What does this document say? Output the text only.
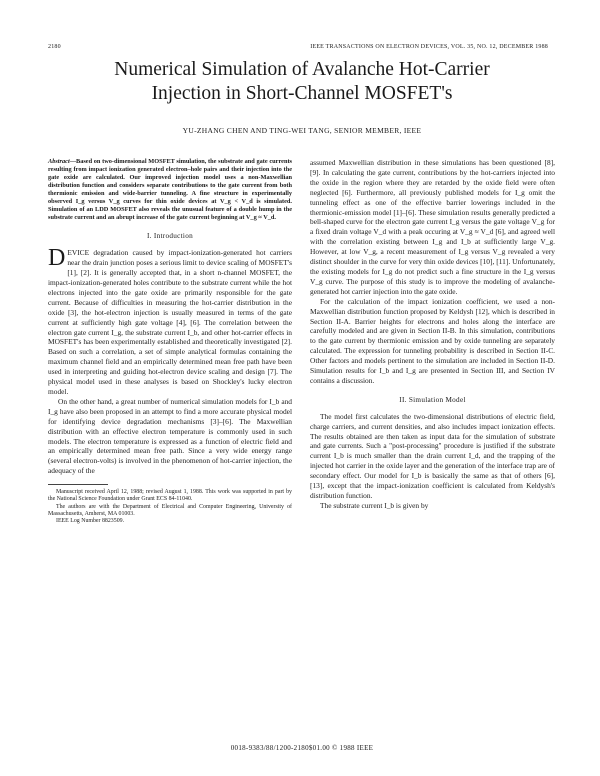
2180	IEEE TRANSACTIONS ON ELECTRON DEVICES, VOL. 35, NO. 12, DECEMBER 1988
Numerical Simulation of Avalanche Hot-Carrier
Injection in Short-Channel MOSFET's
YU-ZHANG CHEN AND TING-WEI TANG, SENIOR MEMBER, IEEE
Abstract—Based on two-dimensional MOSFET simulation, the substrate and gate currents resulting from impact ionization generated electron–hole pairs and their injection into the gate oxide are calculated. Our improved injection model uses a non-Maxwellian distribution function and considers separate contributions to the gate current from both thermionic emission and wide-barrier tunneling. A fine structure in experimentally observed I_g versus V_g curves for thin oxide devices at V_g < V_d is simulated. Simulation of an LDD MOSFET also reveals the unusual feature of a double hump in the substrate current and an abrupt increase of the gate current beginning at V_g ≈ V_d.
I. Introduction

DEVICE degradation caused by impact-ionization-generated hot carriers near the drain junction poses a serious limit to device scaling of MOSFET's [1], [2]. It is generally accepted that, in a short n-channel MOSFET, the impact-ionization-generated holes contribute to the substrate current while the hot electrons injected into the gate oxide are primarily responsible for the gate current. Because of difficulties in measuring the hot-carrier distribution in the oxide [3], the hot-electron injection is usually measured in terms of the gate current at sufficiently high gate voltage [4], [6]. The correlation between the electron gate current I_g, the substrate current I_b, and other hot-carrier effects in MOSFET's has been experimentally established and theoretically investigated [2]. Based on such a correlation, a set of simple analytical formulas containing the maximum channel field and an empirically determined mean free path have been used in interpreting and guiding hot-electron device scaling and design [7]. The physical model used in these analyses is based on Shockley's lucky electron model.

On the other hand, a great number of numerical simulation models for I_b and I_g have also been proposed in an attempt to find a more accurate physical model for identifying device degradation mechanisms [3]–[6]. The Maxwellian distribution with an effective electron temperature is commonly used in such models. The electron temperature is expressed as a function of electric field and an empirically determined mean free path. Since a very wide energy range (several electron-volts) is involved in the phenomenon of hot-carrier injection, the adequacy of the

Manuscript received April 12, 1988; revised August 1, 1988. This work was supported in part by the National Science Foundation under Grant ECS 84-11040.

The authors are with the Department of Electrical and Computer Engineering, University of Massachusetts, Amherst, MA 01003.

IEEE Log Number 8823509.

assumed Maxwellian distribution in these simulations has been questioned [8], [9]. In calculating the gate current, contributions by the hot-carriers injected into the oxide in the region where they are retarded by the oxide field were often neglected [6]. Furthermore, all previously published models for I_g omit the tunneling effect as one of the effective barrier lowerings included in the thermionic-emission model [1]–[6]. These simulation results generally predicted a bell-shaped curve for the electron gate current I_g versus the gate voltage V_g for a fixed drain voltage V_d with a peak occuring at V_g ≈ V_d [6], and agreed well with the correlation existing between I_g and I_b at sufficiently large V_g. However, at low V_g, a recent measurement of I_g versus V_g revealed a very distinct shoulder in the curve for very thin oxide devices [10], [11]. Unfortunately, the existing models for I_g do not predict such a fine structure in the I_g versus V_g curve. The purpose of this study is to improve the modeling of avalanche-generated hot carrier injection into the gate oxide.

For the calculation of the impact ionization coefficient, we used a non-Maxwellian distribution function proposed by Keldysh [12], which is described in Section II-A. Barrier heights for electrons and holes along the interface are carefully modeled and are given in Section II-B. In this simulation, contributions to the gate current by thermionic emission and by oxide tunneling are separately calculated. The expression for tunneling probability is described in Section II-C. Other factors and models pertinent to the simulation are included in Section II-D. Simulation results for I_b and I_g are presented in Section III, and Section IV contains a discussion.

II. Simulation Model

The model first calculates the two-dimensional distributions of electric field, charge carriers, and current densities, and also includes impact ionization effects. The results obtained are then taken as input data for the simulation of substrate and gate currents. Such a "post-processing" procedure is justified if the substrate current I_b is much smaller than the drain current I_d, and the trapping of the injected hot carrier in the oxide layer and the generation of the interface trap are of secondary effect. Our model for I_b is basically the same as that of others [6], [13], except that the impact-ionization coefficient is calculated from Keldysh's distribution function.

The substrate current I_b is given by

0018-9383/88/1200-2180$01.00 © 1988 IEEE
